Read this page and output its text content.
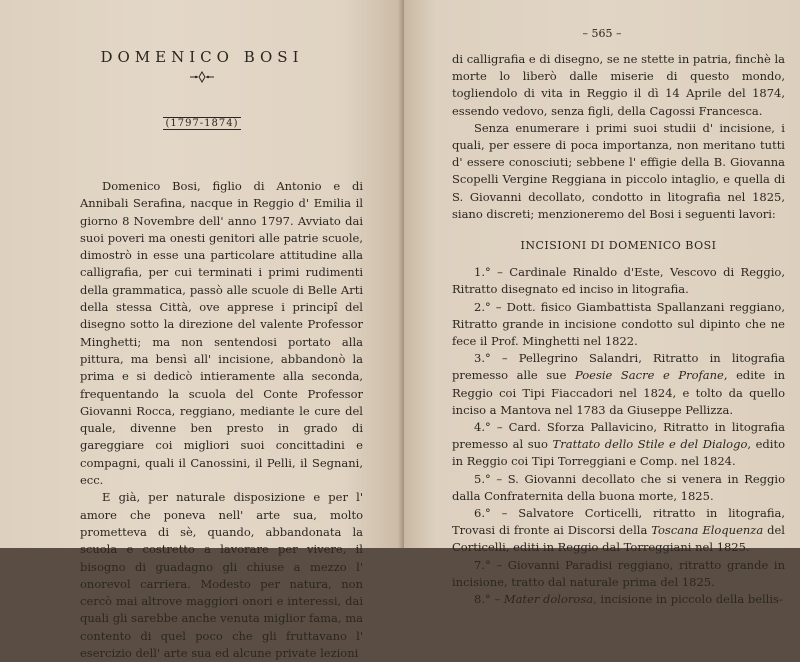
DOMENICO BOSI
(1797-1874)

Domenico Bosi, figlio di Antonio e di Annibali Serafina, nacque in Reggio d' Emilia il giorno 8 Novembre dell' anno 1797. Avviato dai suoi poveri ma onesti genitori alle patrie scuole, dimostrò in esse una particolare attitudine alla calligrafia, per cui terminati i primi rudimenti della grammatica, passò alle scuole di Belle Arti della stessa Città, ove apprese i principî del disegno sotto la direzione del valente Professor Minghetti; ma non sentendosi portato alla pittura, ma bensì all' incisione, abbandonò la prima e si dedicò intieramente alla seconda, frequentando la scuola del Conte Professor Giovanni Rocca, reggiano, mediante le cure del quale, divenne ben presto in grado di gareggiare coi migliori suoi concittadini e compagni, quali il Canossini, il Pelli, il Segnani, ecc.

E già, per naturale disposizione e per l' amore che poneva nell' arte sua, molto prometteva di sè, quando, abbandonata la scuola e costretto a lavorare per vivere, il bisogno di guadagno gli chiuse a mezzo l' onorevol carriera. Modesto per natura, non cercò mai altrove maggiori onori e interessi, dai quali gli sarebbe anche venuta miglior fama, ma contento di quel poco che gli fruttavano l' esercizio dell' arte sua ed alcune private lezioni

– 565 –

di calligrafia e di disegno, se ne stette in patria, finchè la morte lo liberò dalle miserie di questo mondo, togliendolo di vita in Reggio il dì 14 Aprile del 1874, essendo vedovo, senza figli, della Cagossi Francesca.

Senza enumerare i primi suoi studii d' incisione, i quali, per essere di poca importanza, non meritano tutti d' essere conosciuti; sebbene l' effigie della B. Giovanna Scopelli Vergine Reggiana in piccolo intaglio, e quella di S. Giovanni decollato, condotto in litografia nel 1825, siano discreti; menzioneremo del Bosi i seguenti lavori:

INCISIONI DI DOMENICO BOSI

1.° – Cardinale Rinaldo d'Este, Vescovo di Reggio, Ritratto disegnato ed inciso in litografia.

2.° – Dott. fisico Giambattista Spallanzani reggiano, Ritratto grande in incisione condotto sul dipinto che ne fece il Prof. Minghetti nel 1822.

3.° – Pellegrino Salandri, Ritratto in litografia premesso alle sue Poesie Sacre e Profane, edite in Reggio coi Tipi Fiaccadori nel 1824, e tolto da quello inciso a Mantova nel 1783 da Giuseppe Pellizza.

4.° – Card. Sforza Pallavicino, Ritratto in litografia premesso al suo Trattato dello Stile e del Dialogo, edito in Reggio coi Tipi Torreggiani e Comp. nel 1824.

5.° – S. Giovanni decollato che si venera in Reggio dalla Confraternita della buona morte, 1825.

6.° – Salvatore Corticelli, ritratto in litografia, Trovasi di fronte ai Discorsi della Toscana Eloquenza del Corticelli, editi in Reggio dal Torreggiani nel 1825.

7.° – Giovanni Paradisi reggiano, ritratto grande in incisione, tratto dal naturale prima del 1825.

8.° – Mater dolorosa, incisione in piccolo della bellis-
